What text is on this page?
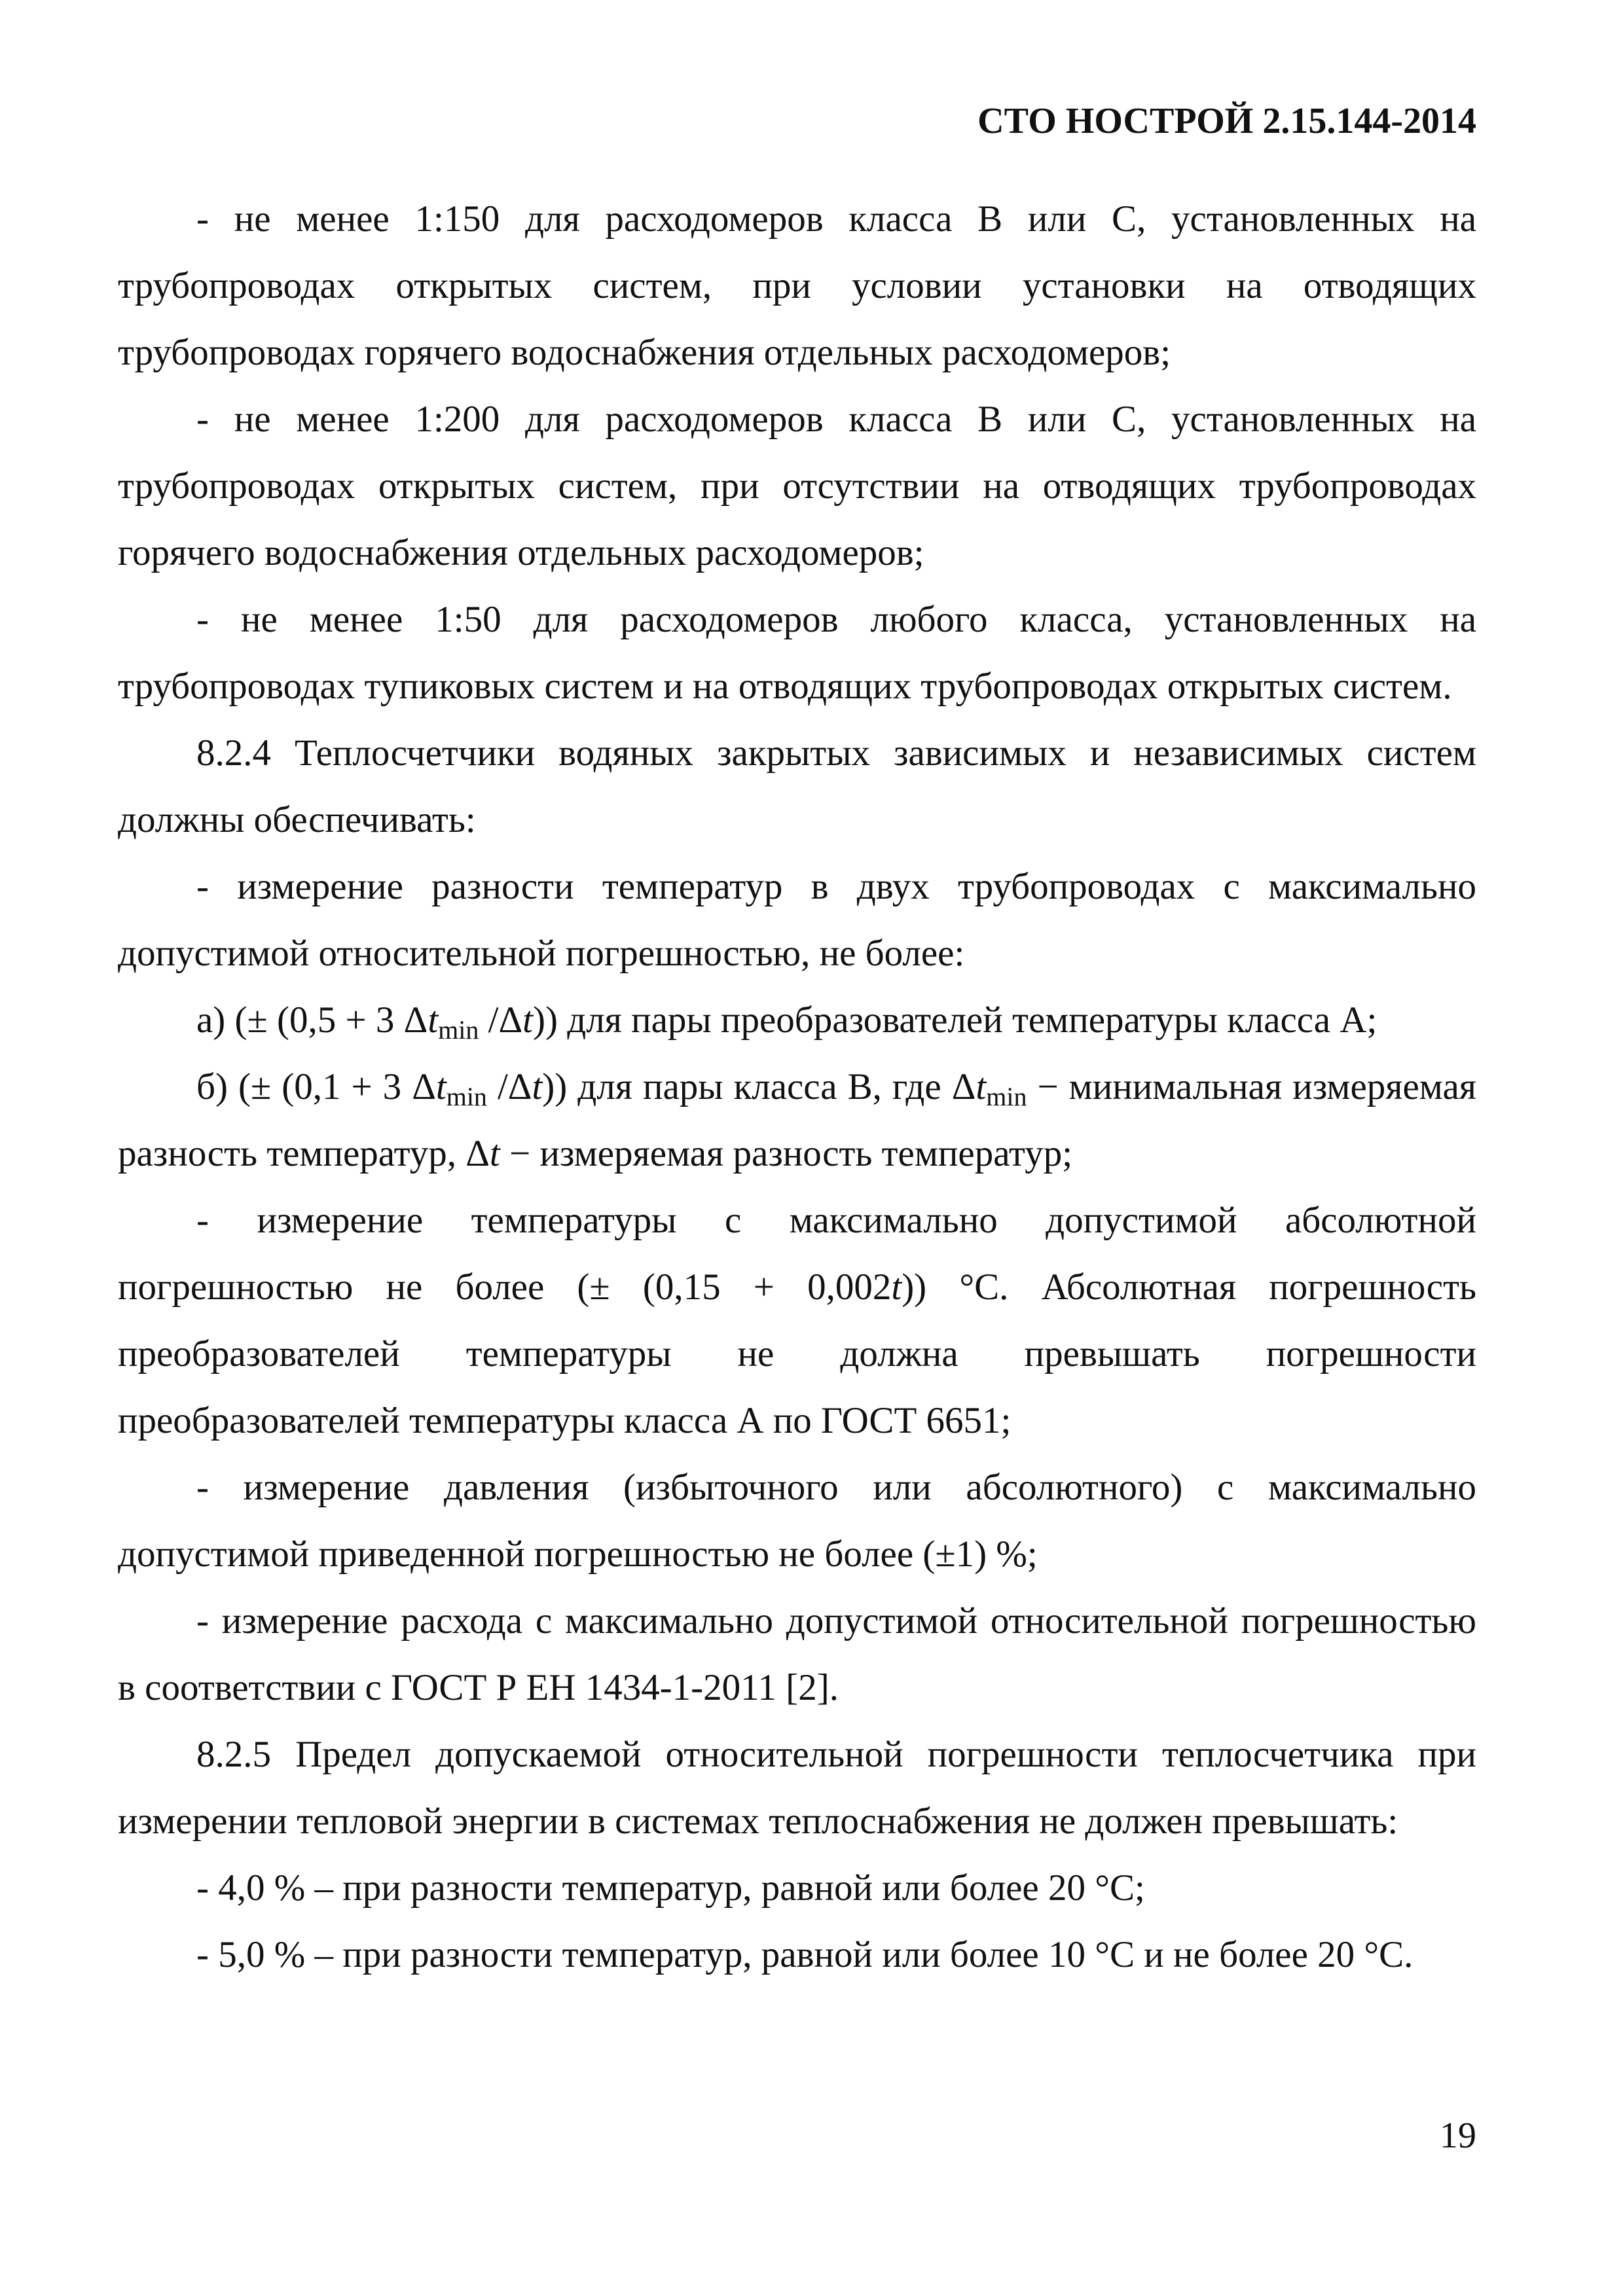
СТО НОСТРОЙ 2.15.144-2014

- не менее 1:150 для расходомеров класса В или С, установленных на трубопроводах открытых систем, при условии установки на отводящих трубопроводах горячего водоснабжения отдельных расходомеров;

- не менее 1:200 для расходомеров класса В или С, установленных на трубопроводах открытых систем, при отсутствии на отводящих трубопроводах горячего водоснабжения отдельных расходомеров;

- не менее 1:50 для расходомеров любого класса, установленных на трубопроводах тупиковых систем и на отводящих трубопроводах открытых систем.

8.2.4 Теплосчетчики водяных закрытых зависимых и независимых систем должны обеспечивать:

- измерение разности температур в двух трубопроводах с максимально допустимой относительной погрешностью, не более:

а) (± (0,5 + 3 $\Delta t_{min}$ /Δt)) для пары преобразователей температуры класса А;

б) (± (0,1 + 3 $\Delta t_{min}$ /Δt)) для пары класса В, где $\Delta t_{min}$ − минимальная измеряемая разность температур, Δt − измеряемая разность температур;

- измерение температуры с максимально допустимой абсолютной погрешностью не более (± (0,15 + 0,002t)) °С. Абсолютная погрешность преобразователей температуры не должна превышать погрешности преобразователей температуры класса А по ГОСТ 6651;

- измерение давления (избыточного или абсолютного) с максимально допустимой приведенной погрешностью не более (±1) %;

- измерение расхода с максимально допустимой относительной погрешностью в соответствии с ГОСТ Р ЕН 1434-1-2011 [2].

8.2.5 Предел допускаемой относительной погрешности теплосчетчика при измерении тепловой энергии в системах теплоснабжения не должен превышать:

- 4,0 % – при разности температур, равной или более 20 °С;

- 5,0 % – при разности температур, равной или более 10 °С и не более 20 °С.

19
